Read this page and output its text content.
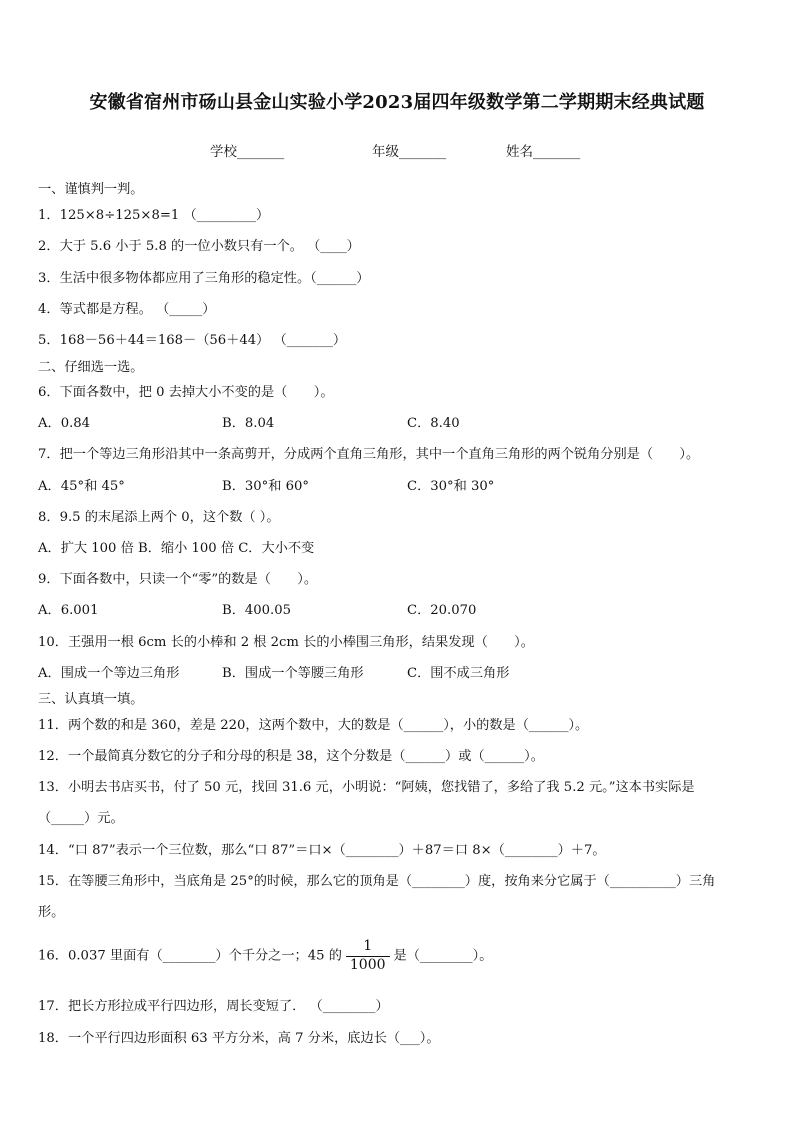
安徽省宿州市砀山县金山实验小学2023届四年级数学第二学期期末经典试题
学校_______	年级_______	姓名_______
一、谨慎判一判。
1．125×8÷125×8=1 （_________）
2．大于 5.6 小于 5.8 的一位小数只有一个。 （____）
3．生活中很多物体都应用了三角形的稳定性。（______）
4．等式都是方程。 （_____）
5．168－56＋44＝168－（56＋44） （_______）
二、仔细选一选。
6．下面各数中，把 0 去掉大小不变的是（　　）。
A．0.84	B．8.04	C．8.40
7．把一个等边三角形沿其中一条高剪开，分成两个直角三角形，其中一个直角三角形的两个锐角分别是（　　）。
A．45°和 45°	B．30°和 60°	C．30°和 30°
8．9.5 的末尾添上两个 0，这个数（ ）。
A．扩大 100 倍 B．缩小 100 倍 C．大小不变
9．下面各数中，只读一个“零”的数是（　　）。
A．6.001	B．400.05	C．20.070
10．王强用一根 6cm 长的小棒和 2 根 2cm 长的小棒围三角形，结果发现（　　）。
A．围成一个等边三角形	B．围成一个等腰三角形	C．围不成三角形
三、认真填一填。
11．两个数的和是 360，差是 220，这两个数中，大的数是（______），小的数是（______）。
12．一个最简真分数它的分子和分母的积是 38，这个分数是（______）或（______）。
13．小明去书店买书，付了 50 元，找回 31.6 元，小明说：“阿姨，您找错了，多给了我 5.2 元。”这本书实际是
（_____）元。
14．“口 87”表示一个三位数，那么“口 87”＝口×（________）＋87＝口 8×（________）＋7。
15．在等腰三角形中，当底角是 25°的时候，那么它的顶角是（________）度，按角来分它属于（__________）三角
形。
16．0.037 里面有（________）个千分之一；45 的 $\frac{1}{1000}$ 是（________）。
17．把长方形拉成平行四边形，周长变短了． （________）
18．一个平行四边形面积 63 平方分米，高 7 分米，底边长（___）。
